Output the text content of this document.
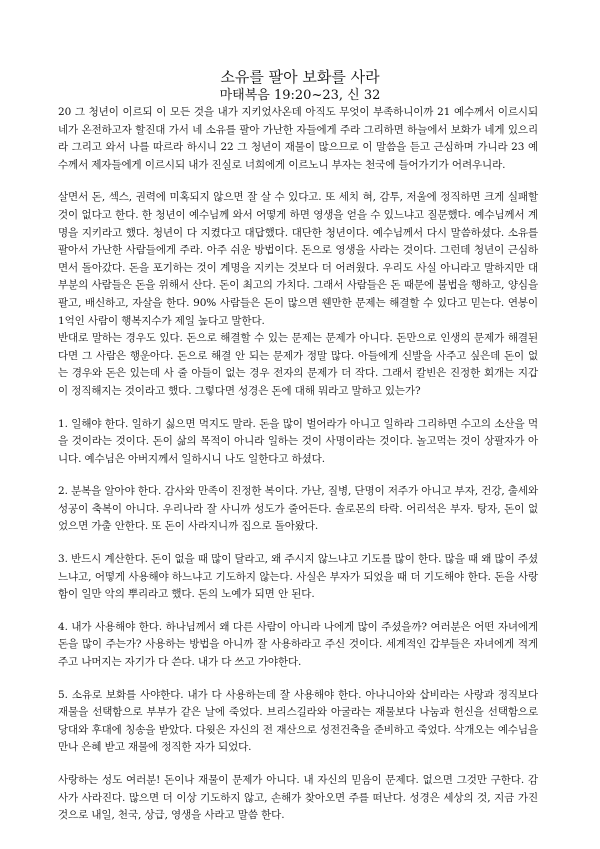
소유를 팔아 보화를 사라
마태복음 19:20~23, 신 32

20 그 청년이 이르되 이 모든 것을 내가 지키었사온데 아직도 무엇이 부족하니이까 21 예수께서 이르시되 네가 온전하고자 할진대 가서 네 소유를 팔아 가난한 자들에게 주라 그리하면 하늘에서 보화가 네게 있으리라 그리고 와서 나를 따르라 하시니 22 그 청년이 재물이 많으므로 이 말씀을 듣고 근심하며 가니라 23 예수께서 제자들에게 이르시되 내가 진실로 너희에게 이르노니 부자는 천국에 들어가기가 어려우니라.

살면서 돈, 섹스, 권력에 미혹되지 않으면 잘 살 수 있다고. 또 세치 혀, 감투, 저울에 정직하면 크게 실패할 것이 없다고 한다. 한 청년이 예수님께 와서 어떻게 하면 영생을 얻을 수 있느냐고 질문했다. 예수님께서 계명을 지키라고 했다. 청년이 다 지켰다고 대답했다. 대단한 청년이다. 예수님께서 다시 말씀하셨다. 소유를 팔아서 가난한 사람들에게 주라. 아주 쉬운 방법이다. 돈으로 영생을 사라는 것이다. 그런데 청년이 근심하면서 돌아갔다. 돈을 포기하는 것이 계명을 지키는 것보다 더 어려웠다. 우리도 사실 아니라고 말하지만 대부분의 사람들은 돈을 위해서 산다. 돈이 최고의 가치다. 그래서 사람들은 돈 때문에 불법을 행하고, 양심을 팔고, 배신하고, 자살을 한다. 90% 사람들은 돈이 많으면 웬만한 문제는 해결할 수 있다고 믿는다. 연봉이 1억인 사람이 행복지수가 제일 높다고 말한다.

반대로 말하는 경우도 있다. 돈으로 해결할 수 있는 문제는 문제가 아니다. 돈만으로 인생의 문제가 해결된다면 그 사람은 행운아다. 돈으로 해결 안 되는 문제가 정말 많다. 아들에게 신발을 사주고 싶은데 돈이 없는 경우와 돈은 있는데 사 줄 아들이 없는 경우 전자의 문제가 더 작다. 그래서 칼빈은 진정한 회개는 지갑이 정직해지는 것이라고 했다. 그렇다면 성경은 돈에 대해 뭐라고 말하고 있는가?

1. 일해야 한다. 일하기 싫으면 먹지도 말라. 돈을 많이 벌어라가 아니고 일하라 그리하면 수고의 소산을 먹을 것이라는 것이다. 돈이 삶의 목적이 아니라 일하는 것이 사명이라는 것이다. 놀고먹는 것이 상팔자가 아니다. 예수님은 아버지께서 일하시니 나도 일한다고 하셨다.

2. 분복을 알아야 한다. 감사와 만족이 진정한 복이다. 가난, 질병, 단명이 저주가 아니고 부자, 건강, 출세와 성공이 축복이 아니다. 우리나라 잘 사니까 성도가 줄어든다. 솔로몬의 타락. 어리석은 부자. 탕자, 돈이 없었으면 가출 안한다. 또 돈이 사라지니까 집으로 돌아왔다.

3. 반드시 계산한다. 돈이 없을 때 많이 달라고, 왜 주시지 않느냐고 기도를 많이 한다. 많을 때 왜 많이 주셨느냐고, 어떻게 사용해야 하느냐고 기도하지 않는다. 사실은 부자가 되었을 때 더 기도해야 한다. 돈을 사랑함이 일만 악의 뿌리라고 했다. 돈의 노예가 되면 안 된다.

4. 내가 사용해야 한다. 하나님께서 왜 다른 사람이 아니라 나에게 많이 주셨을까? 여러분은 어떤 자녀에게 돈을 많이 주는가? 사용하는 방법을 아니까 잘 사용하라고 주신 것이다. 세계적인 갑부들은 자녀에게 적게 주고 나머지는 자기가 다 쓴다. 내가 다 쓰고 가야한다.

5. 소유로 보화를 사야한다. 내가 다 사용하는데 잘 사용해야 한다. 아나니아와 삽비라는 사랑과 정직보다 재물을 선택함으로 부부가 같은 날에 죽었다. 브리스길라와 아굴라는 재물보다 나눔과 헌신을 선택함으로 당대와 후대에 칭송을 받았다. 다윗은 자신의 전 재산으로 성전건축을 준비하고 죽었다. 삭개오는 예수님을 만나 은혜 받고 재물에 정직한 자가 되었다.

사랑하는 성도 여러분! 돈이나 재물이 문제가 아니다. 내 자신의 믿음이 문제다. 없으면 그것만 구한다. 감사가 사라진다. 많으면 더 이상 기도하지 않고, 손해가 찾아오면 주를 떠난다. 성경은 세상의 것, 지금 가진 것으로 내일, 천국, 상급, 영생을 사라고 말씀 한다.
